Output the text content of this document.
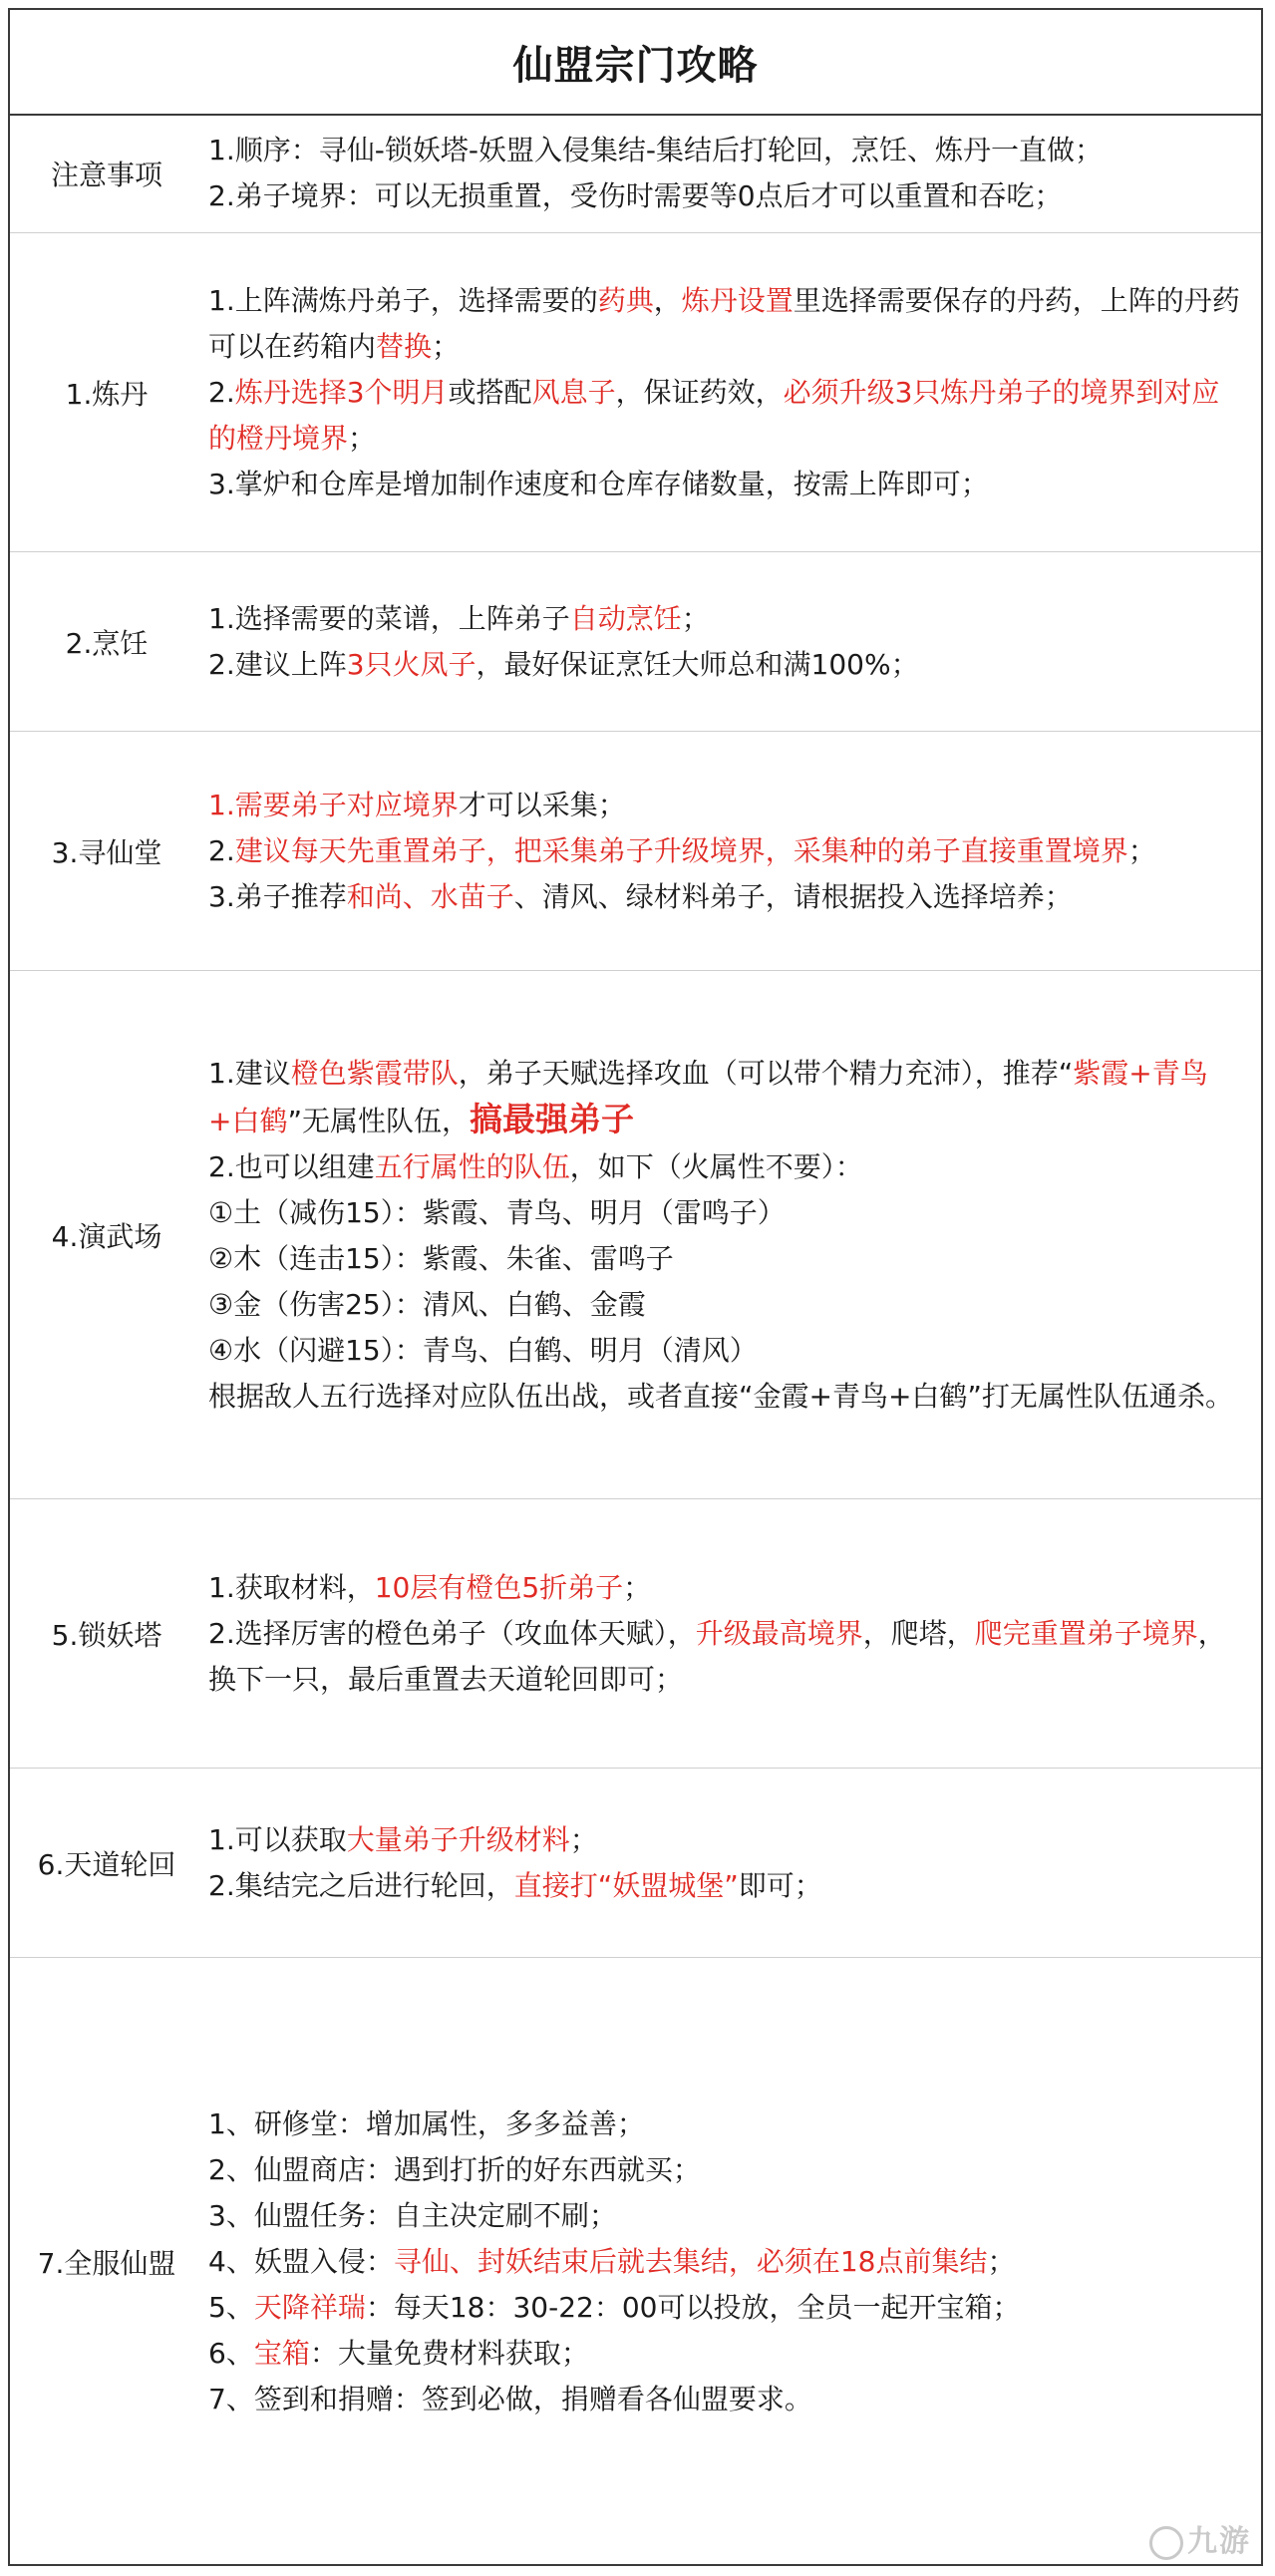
仙盟宗门攻略
注意事项
1.顺序：寻仙-锁妖塔-妖盟入侵集结-集结后打轮回，烹饪、炼丹一直做；
2.弟子境界：可以无损重置，受伤时需要等0点后才可以重置和吞吃；
1.炼丹
1.上阵满炼丹弟子，选择需要的药典，炼丹设置里选择需要保存的丹药，上阵的丹药可以在药箱内替换；
2.炼丹选择3个明月或搭配风息子，保证药效，必须升级3只炼丹弟子的境界到对应的橙丹境界；
3.掌炉和仓库是增加制作速度和仓库存储数量，按需上阵即可；
2.烹饪
1.选择需要的菜谱，上阵弟子自动烹饪；
2.建议上阵3只火凤子，最好保证烹饪大师总和满100%；
3.寻仙堂
1.需要弟子对应境界才可以采集；
2.建议每天先重置弟子，把采集弟子升级境界，采集种的弟子直接重置境界；
3.弟子推荐和尚、水苗子、清风、绿材料弟子，请根据投入选择培养；
4.演武场
1.建议橙色紫霞带队，弟子天赋选择攻血（可以带个精力充沛），推荐“紫霞+青鸟+白鹤”无属性队伍，搞最强弟子
2.也可以组建五行属性的队伍，如下（火属性不要）：
①土（减伤15）：紫霞、青鸟、明月（雷鸣子）
②木（连击15）：紫霞、朱雀、雷鸣子
③金（伤害25）：清风、白鹤、金霞
④水（闪避15）：青鸟、白鹤、明月（清风）
根据敌人五行选择对应队伍出战，或者直接“金霞+青鸟+白鹤”打无属性队伍通杀。
5.锁妖塔
1.获取材料，10层有橙色5折弟子；
2.选择厉害的橙色弟子（攻血体天赋），升级最高境界，爬塔，爬完重置弟子境界，换下一只，最后重置去天道轮回即可；
6.天道轮回
1.可以获取大量弟子升级材料；
2.集结完之后进行轮回，直接打“妖盟城堡”即可；
7.全服仙盟
1、研修堂：增加属性，多多益善；
2、仙盟商店：遇到打折的好东西就买；
3、仙盟任务：自主决定刷不刷；
4、妖盟入侵：寻仙、封妖结束后就去集结，必须在18点前集结；
5、天降祥瑞：每天18：30-22：00可以投放，全员一起开宝箱；
6、宝箱：大量免费材料获取；
7、签到和捐赠：签到必做，捐赠看各仙盟要求。
九游
